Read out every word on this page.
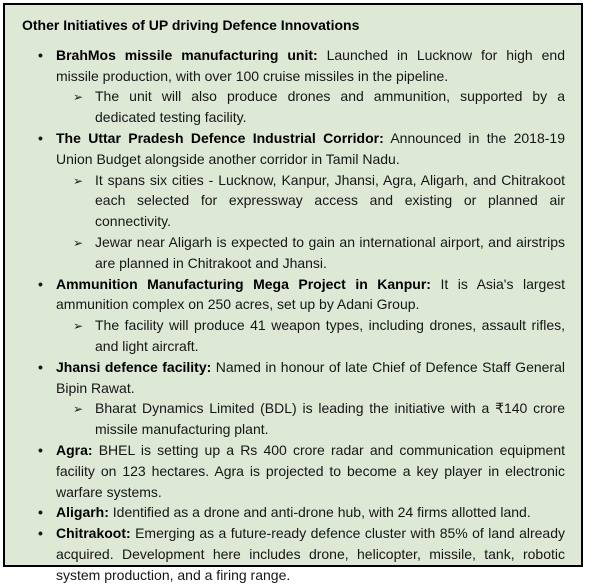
Other Initiatives of UP driving Defence Innovations
• BrahMos missile manufacturing unit: Launched in Lucknow for high end missile production, with over 100 cruise missiles in the pipeline.
➢ The unit will also produce drones and ammunition, supported by a dedicated testing facility.
• The Uttar Pradesh Defence Industrial Corridor: Announced in the 2018-19 Union Budget alongside another corridor in Tamil Nadu.
➢ It spans six cities - Lucknow, Kanpur, Jhansi, Agra, Aligarh, and Chitrakoot each selected for expressway access and existing or planned air connectivity.
➢ Jewar near Aligarh is expected to gain an international airport, and airstrips are planned in Chitrakoot and Jhansi.
• Ammunition Manufacturing Mega Project in Kanpur: It is Asia's largest ammunition complex on 250 acres, set up by Adani Group.
➢ The facility will produce 41 weapon types, including drones, assault rifles, and light aircraft.
• Jhansi defence facility: Named in honour of late Chief of Defence Staff General Bipin Rawat.
➢ Bharat Dynamics Limited (BDL) is leading the initiative with a ₹140 crore missile manufacturing plant.
• Agra: BHEL is setting up a Rs 400 crore radar and communication equipment facility on 123 hectares. Agra is projected to become a key player in electronic warfare systems.
• Aligarh: Identified as a drone and anti-drone hub, with 24 firms allotted land.
• Chitrakoot: Emerging as a future-ready defence cluster with 85% of land already acquired. Development here includes drone, helicopter, missile, tank, robotic system production, and a firing range.
